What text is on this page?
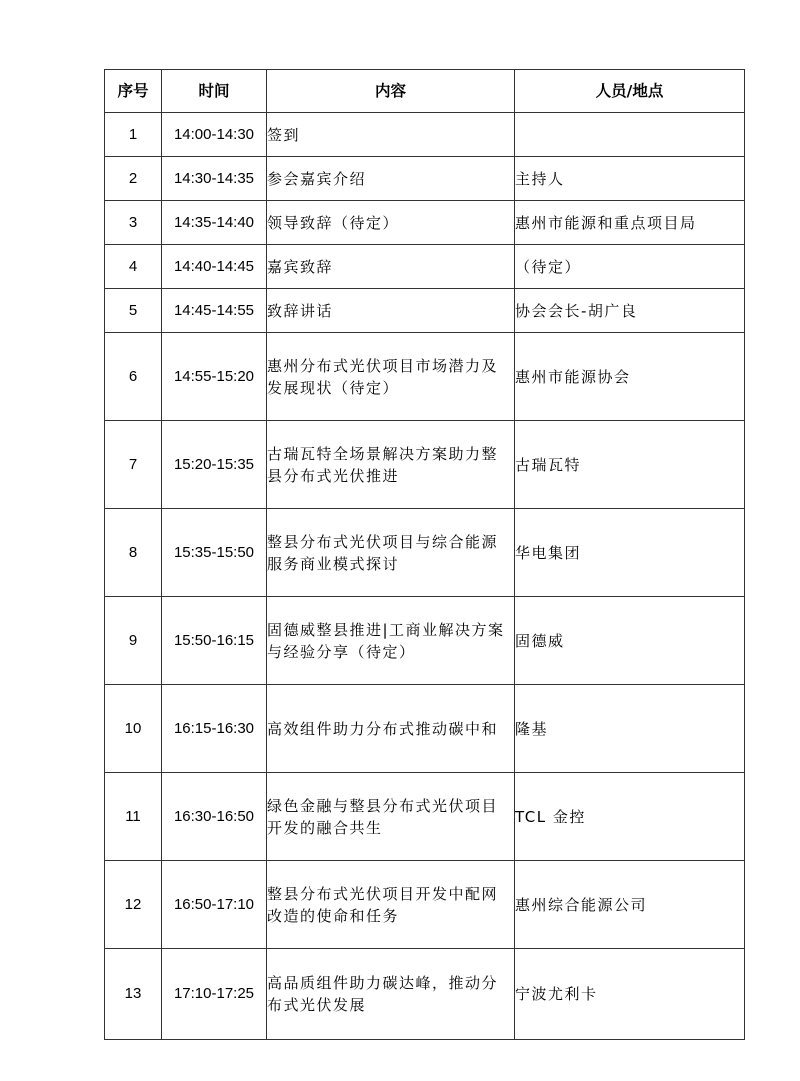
序号	时间	内容	人员/地点
1	14:00-14:30	签到	
2	14:30-14:35	参会嘉宾介绍	主持人
3	14:35-14:40	领导致辞（待定）	惠州市能源和重点项目局
4	14:40-14:45	嘉宾致辞	（待定）
5	14:45-14:55	致辞讲话	协会会长-胡广良
6	14:55-15:20	惠州分布式光伏项目市场潜力及发展现状（待定）	惠州市能源协会
7	15:20-15:35	古瑞瓦特全场景解决方案助力整县分布式光伏推进	古瑞瓦特
8	15:35-15:50	整县分布式光伏项目与综合能源服务商业模式探讨	华电集团
9	15:50-16:15	固德威整县推进|工商业解决方案与经验分享（待定）	固德威
10	16:15-16:30	高效组件助力分布式推动碳中和	隆基
11	16:30-16:50	绿色金融与整县分布式光伏项目开发的融合共生	TCL 金控
12	16:50-17:10	整县分布式光伏项目开发中配网改造的使命和任务	惠州综合能源公司
13	17:10-17:25	高品质组件助力碳达峰，推动分布式光伏发展	宁波尤利卡
